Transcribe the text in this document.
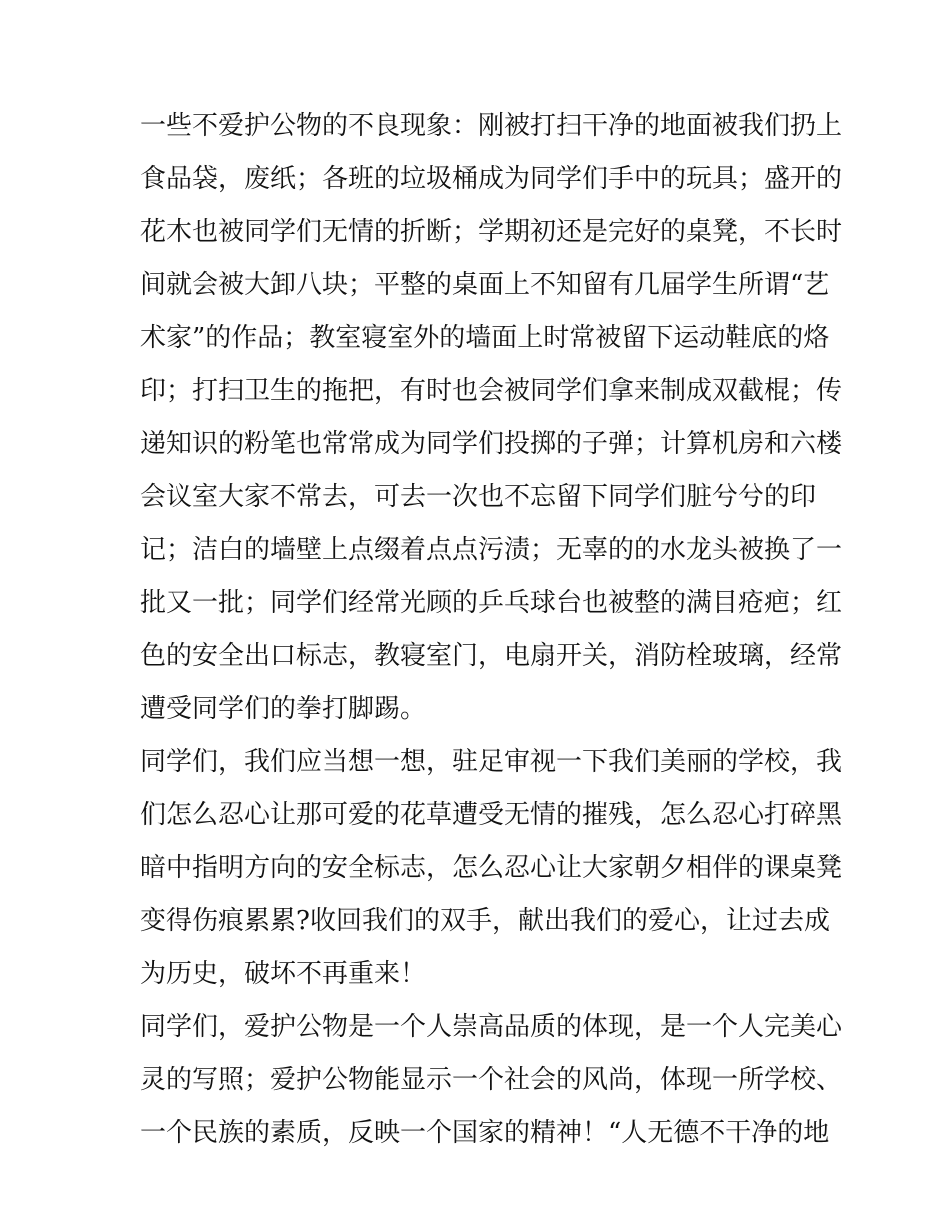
一些不爱护公物的不良现象：刚被打扫干净的地面被我们扔上
食品袋，废纸；各班的垃圾桶成为同学们手中的玩具；盛开的
花木也被同学们无情的折断；学期初还是完好的桌凳，不长时
间就会被大卸八块；平整的桌面上不知留有几届学生所谓“艺
术家”的作品；教室寝室外的墙面上时常被留下运动鞋底的烙
印；打扫卫生的拖把，有时也会被同学们拿来制成双截棍；传
递知识的粉笔也常常成为同学们投掷的子弹；计算机房和六楼
会议室大家不常去，可去一次也不忘留下同学们脏兮兮的印
记；洁白的墙壁上点缀着点点污渍；无辜的的水龙头被换了一
批又一批；同学们经常光顾的乒乓球台也被整的满目疮疤；红
色的安全出口标志，教寝室门，电扇开关，消防栓玻璃，经常
遭受同学们的拳打脚踢。
同学们，我们应当想一想，驻足审视一下我们美丽的学校，我
们怎么忍心让那可爱的花草遭受无情的摧残，怎么忍心打碎黑
暗中指明方向的安全标志，怎么忍心让大家朝夕相伴的课桌凳
变得伤痕累累?收回我们的双手，献出我们的爱心，让过去成
为历史，破坏不再重来！
同学们，爱护公物是一个人崇高品质的体现，是一个人完美心
灵的写照；爱护公物能显示一个社会的风尚，体现一所学校、
一个民族的素质，反映一个国家的精神！“人无德不干净的地
